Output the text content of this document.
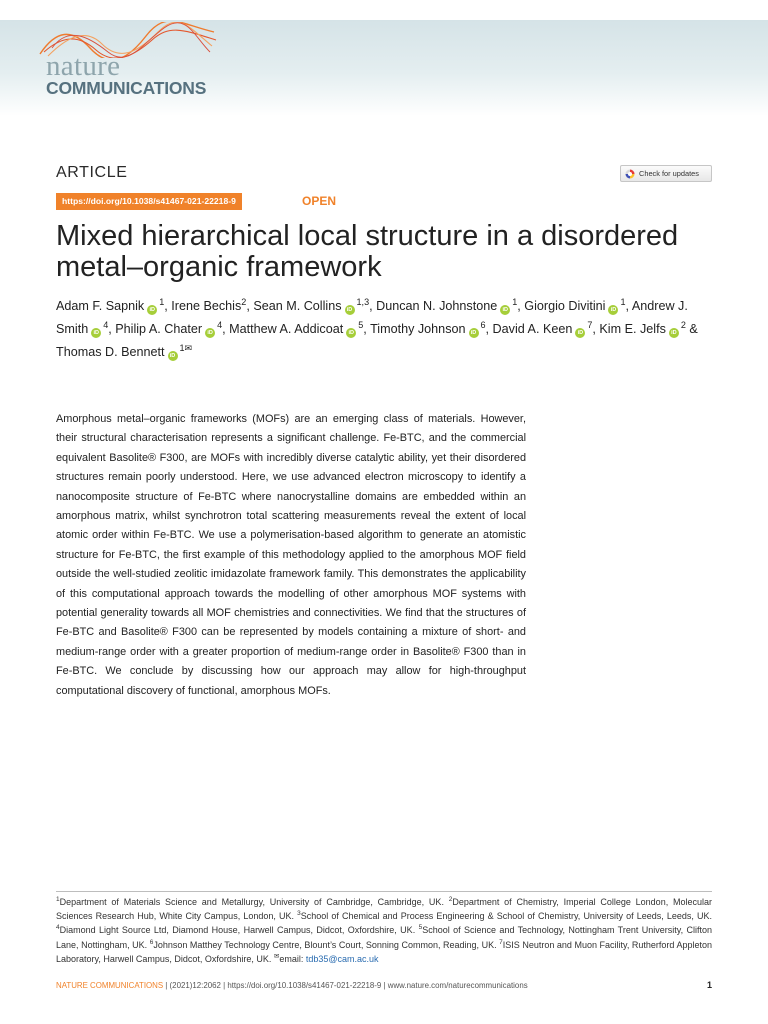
nature
COMMUNICATIONS
ARTICLE	Check for updates
https://doi.org/10.1038/s41467-021-22218-9	OPEN
Mixed hierarchical local structure in a disordered metal–organic framework
Adam F. Sapnik $iD^1$, Irene Bechis$^2$, Sean M. Collins iD$^{1,3}$, Duncan N. Johnstone $iD^1$, Giorgio Divitini $iD^1$, Andrew J. Smith $iD^4$, Philip A. Chater $iD^4$, Matthew A. Addicoat $iD^5$, Timothy Johnson $iD^6$, David A. Keen $iD^7$, Kim E. Jelfs $iD^2$ & Thomas D. Bennett $iD^{1✉}$

Amorphous metal–organic frameworks (MOFs) are an emerging class of materials. However, their structural characterisation represents a significant challenge. Fe-BTC, and the commercial equivalent Basolite® F300, are MOFs with incredibly diverse catalytic ability, yet their disordered structures remain poorly understood. Here, we use advanced electron microscopy to identify a nanocomposite structure of Fe-BTC where nanocrystalline domains are embedded within an amorphous matrix, whilst synchrotron total scattering measurements reveal the extent of local atomic order within Fe-BTC. We use a polymerisation-based algorithm to generate an atomistic structure for Fe-BTC, the first example of this methodology applied to the amorphous MOF field outside the well-studied zeolitic imidazolate framework family. This demonstrates the applicability of this computational approach towards the modelling of other amorphous MOF systems with potential generality towards all MOF chemistries and connectivities. We find that the structures of Fe-BTC and Basolite® F300 can be represented by models containing a mixture of short- and medium-range order with a greater proportion of medium-range order in Basolite® F300 than in Fe-BTC. We conclude by discussing how our approach may allow for high-throughput computational discovery of functional, amorphous MOFs.

$^1$Department of Materials Science and Metallurgy, University of Cambridge, Cambridge, UK. $^2$Department of Chemistry, Imperial College London, Molecular Sciences Research Hub, White City Campus, London, UK. $^3$School of Chemical and Process Engineering & School of Chemistry, University of Leeds, Leeds, UK. $^4$Diamond Light Source Ltd, Diamond House, Harwell Campus, Didcot, Oxfordshire, UK. $^5$School of Science and Technology, Nottingham Trent University, Clifton Lane, Nottingham, UK. $^6$Johnson Matthey Technology Centre, Blount’s Court, Sonning Common, Reading, UK. $^7$ISIS Neutron and Muon Facility, Rutherford Appleton Laboratory, Harwell Campus, Didcot, Oxfordshire, UK. ✉email: tdb35@cam.ac.uk
NATURE COMMUNICATIONS | (2021)12:2062 | https://doi.org/10.1038/s41467-021-22218-9 | www.nature.com/naturecommunications	1
